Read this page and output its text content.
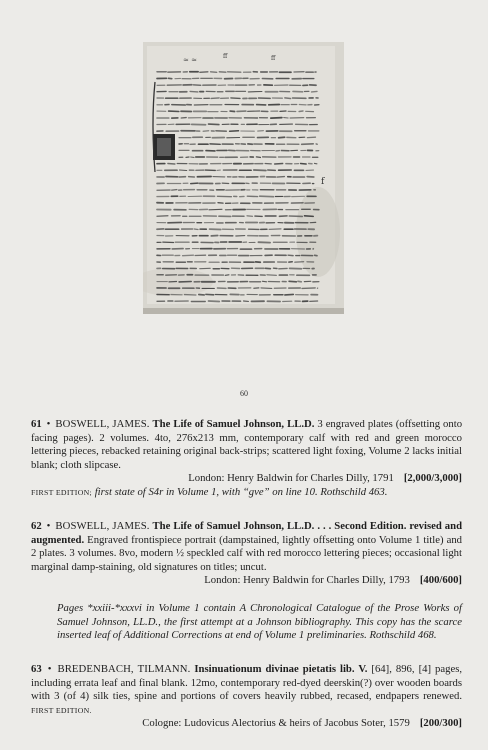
≈ ≈	ff	ff
f
60

61 • BOSWELL, JAMES. The Life of Samuel Johnson, LL.D. 3 engraved plates (offsetting onto facing pages). 2 volumes. 4to, 276x213 mm, contemporary calf with red and green morocco lettering pieces, rebacked retaining original back-strips; scattered light foxing, Volume 2 lacks initial blank; cloth slipcase.

London: Henry Baldwin for Charles Dilly, 1791 [2,000/3,000]

FIRST EDITION; first state of S4r in Volume 1, with “gve” on line 10. Rothschild 463.

62 • BOSWELL, JAMES. The Life of Samuel Johnson, LL.D. . . . Second Edition. revised and augmented. Engraved frontispiece portrait (dampstained, lightly offsetting onto Volume 1 title) and 2 plates. 3 volumes. 8vo, modern ½ speckled calf with red morocco lettering pieces; occasional light marginal damp-staining, old signatures on titles; uncut.

London: Henry Baldwin for Charles Dilly, 1793 [400/600]

Pages *xxiii-*xxxvi in Volume 1 contain A Chronological Catalogue of the Prose Works of Samuel Johnson, LL.D., the first attempt at a Johnson bibliography. This copy has the scarce inserted leaf of Additional Corrections at end of Volume 1 preliminaries. Rothschild 468.

63 • BREDENBACH, TILMANN. Insinuationum divinae pietatis lib. V. [64], 896, [4] pages, including errata leaf and final blank. 12mo, contemporary red-dyed deerskin(?) over wooden boards with 3 (of 4) silk ties, spine and portions of covers heavily rubbed, recased, endpapers renewed. FIRST EDITION.

Cologne: Ludovicus Alectorius & heirs of Jacobus Soter, 1579 [200/300]
